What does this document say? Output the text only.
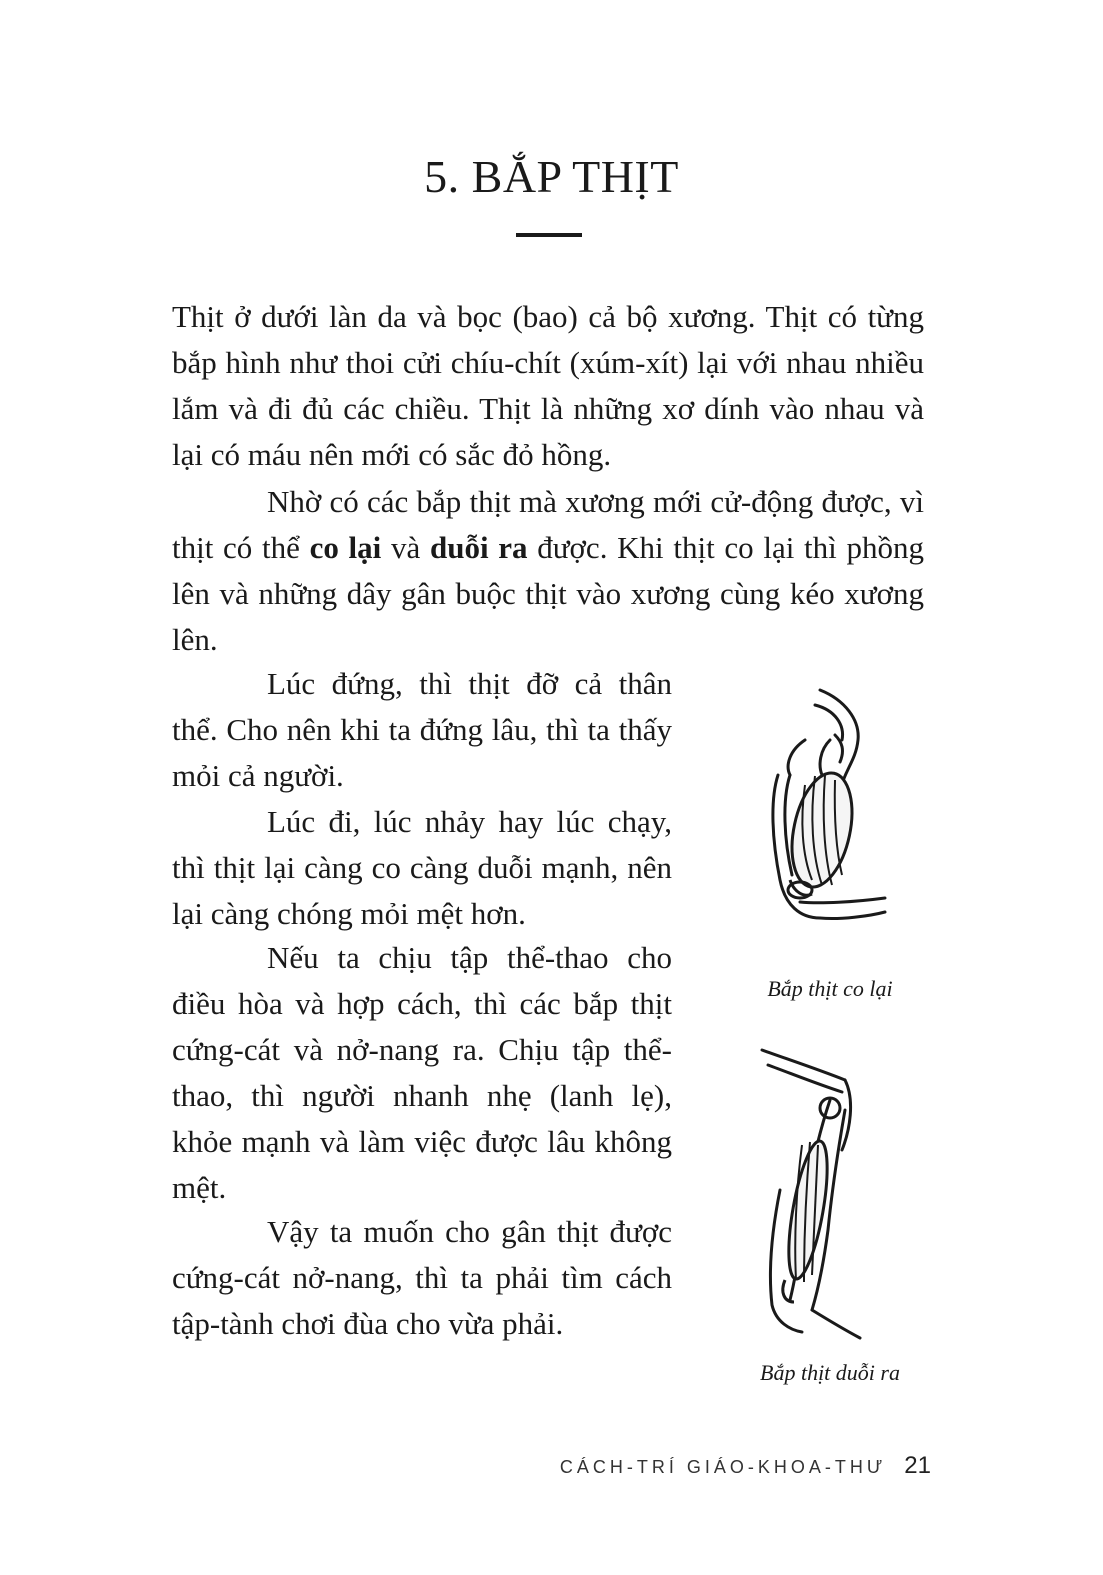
5. BẮP THỊT

Thịt ở dưới làn da và bọc (bao) cả bộ xương. Thịt có từng bắp hình như thoi cửi chíu-chít (xúm-xít) lại với nhau nhiều lắm và đi đủ các chiều. Thịt là những xơ dính vào nhau và lại có máu nên mới có sắc đỏ hồng.

Nhờ có các bắp thịt mà xương mới cử-động được, vì thịt có thể co lại và duỗi ra được. Khi thịt co lại thì phồng lên và những dây gân buộc thịt vào xương cùng kéo xương lên.

Lúc đứng, thì thịt đỡ cả thân thể. Cho nên khi ta đứng lâu, thì ta thấy mỏi cả người.

Lúc đi, lúc nhảy hay lúc chạy, thì thịt lại càng co càng duỗi mạnh, nên lại càng chóng mỏi mệt hơn.

Nếu ta chịu tập thể-thao cho điều hòa và hợp cách, thì các bắp thịt cứng-cát và nở-nang ra. Chịu tập thể-thao, thì người nhanh nhẹ (lanh lẹ), khỏe mạnh và làm việc được lâu không mệt.

Vậy ta muốn cho gân thịt được cứng-cát nở-nang, thì ta phải tìm cách tập-tành chơi đùa cho vừa phải.

Bắp thịt co lại

Bắp thịt duỗi ra

CÁCH-TRÍ GIÁO-KHOA-THƯ 21
